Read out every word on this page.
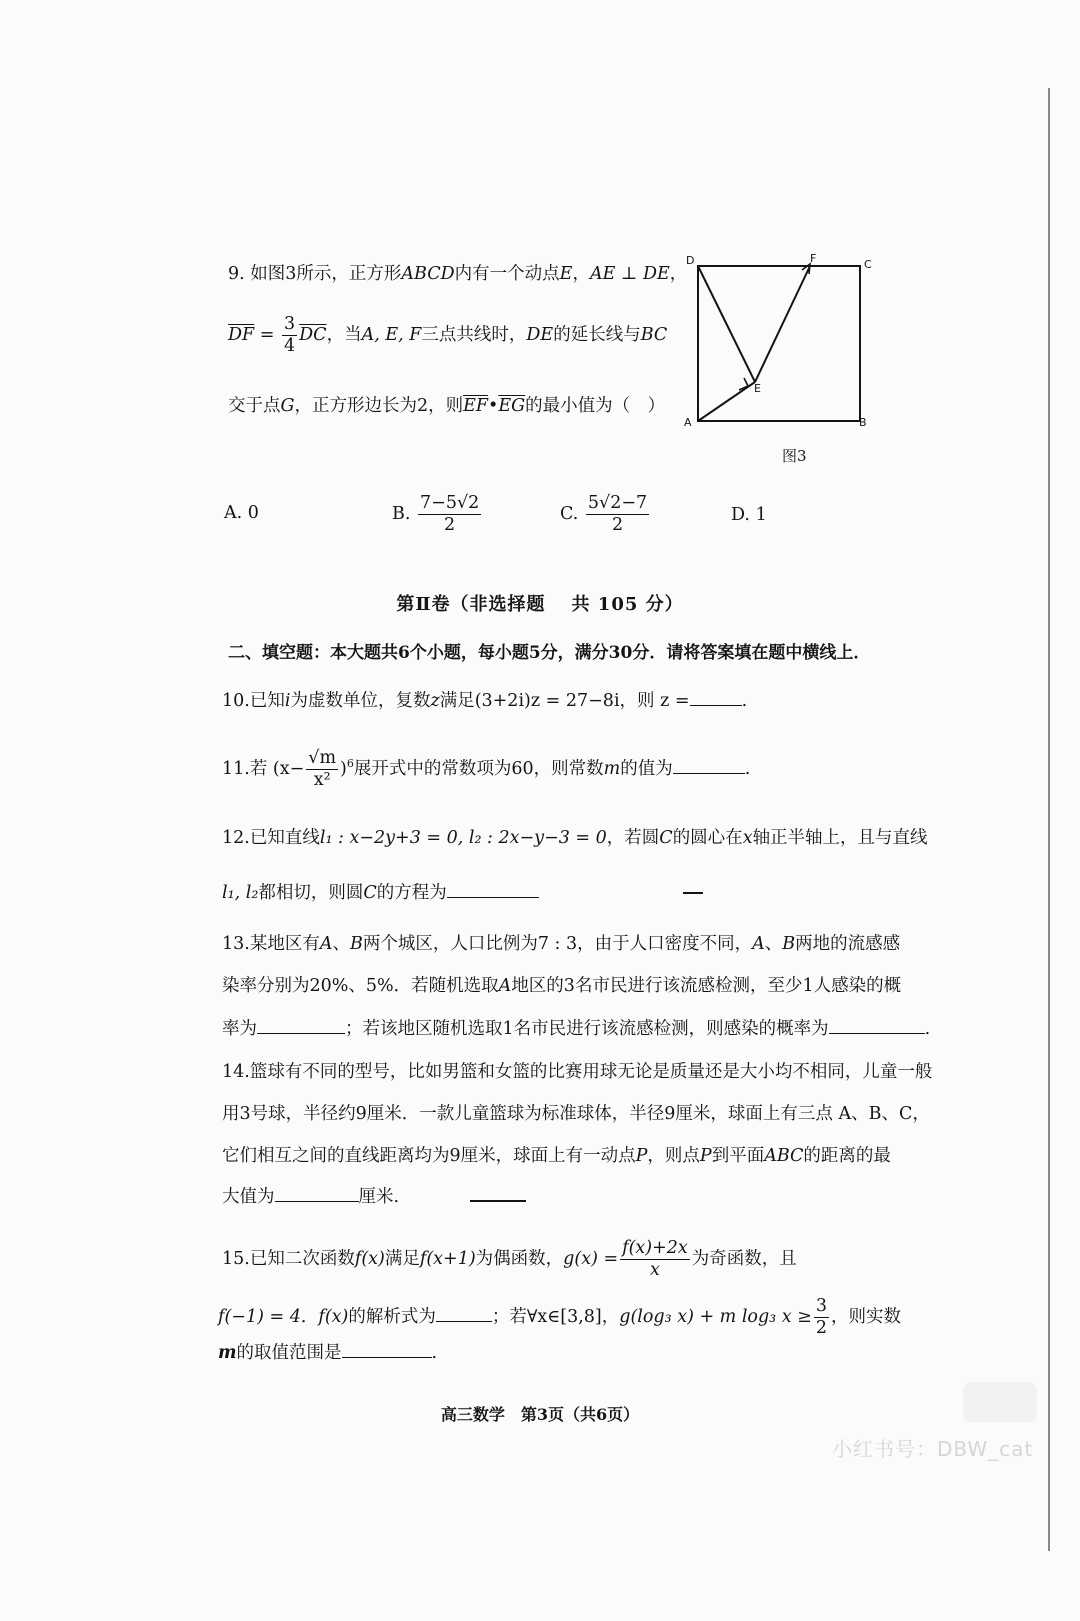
9. 如图3所示，正方形ABCD内有一个动点E，AE ⊥ DE，
$\overline{DF} = \frac{3}{4} \overline{DC}$，当A, E, F三点共线时，DE的延长线与BC
交于点G，正方形边长为2，则$\overline{EF}•\overline{EG}$的最小值为（　）
D	F	C
E
A	B
图3
A. 0	B. $\frac{7-5√2}{2}$	C. $\frac{5√2-7}{2}$	D. 1
第Ⅱ卷（非选择题 共 105 分）
二、填空题：本大题共6个小题，每小题5分，满分30分．请将答案填在题中横线上．
10.已知i为虚数单位，复数z满足(3+2i)z = 27−8i，则 z =	.
11.若 $(x- \frac{√m}{\text{x²}} )^6$展开式中的常数项为60，则常数m的值为	.
12.已知直线l₁ : x−2y+3 = 0, l₂ : 2x−y−3 = 0，若圆C的圆心在x轴正半轴上，且与直线
l₁, l₂都相切，则圆C的方程为
13.某地区有A、B两个城区，人口比例为7 : 3，由于人口密度不同，A、B两地的流感感
染率分别为20%、5%．若随机选取A地区的3名市民进行该流感检测，至少1人感染的概
率为	；若该地区随机选取1名市民进行该流感检测，则感染的概率为	.
14.篮球有不同的型号，比如男篮和女篮的比赛用球无论是质量还是大小均不相同，儿童一般
用3号球，半径约9厘米．一款儿童篮球为标准球体，半径9厘米，球面上有三点 A、B、C，
它们相互之间的直线距离均为9厘米，球面上有一动点P，则点P到平面ABC的距离的最
大值为	厘米.
15.已知二次函数f(x)满足f(x+1)为偶函数，$g(x) = \frac{f(x)+2x}{x}$ 为奇函数，且
f(−1) = 4．f(x)的解析式为	；若∀x∈[3,8]，g(log₃ x) + m log₃ $x \ge \frac{3}{2}$ ，则实数
m的取值范围是	.
高三数学　第3页（共6页）
小红书号：DBW_cat
